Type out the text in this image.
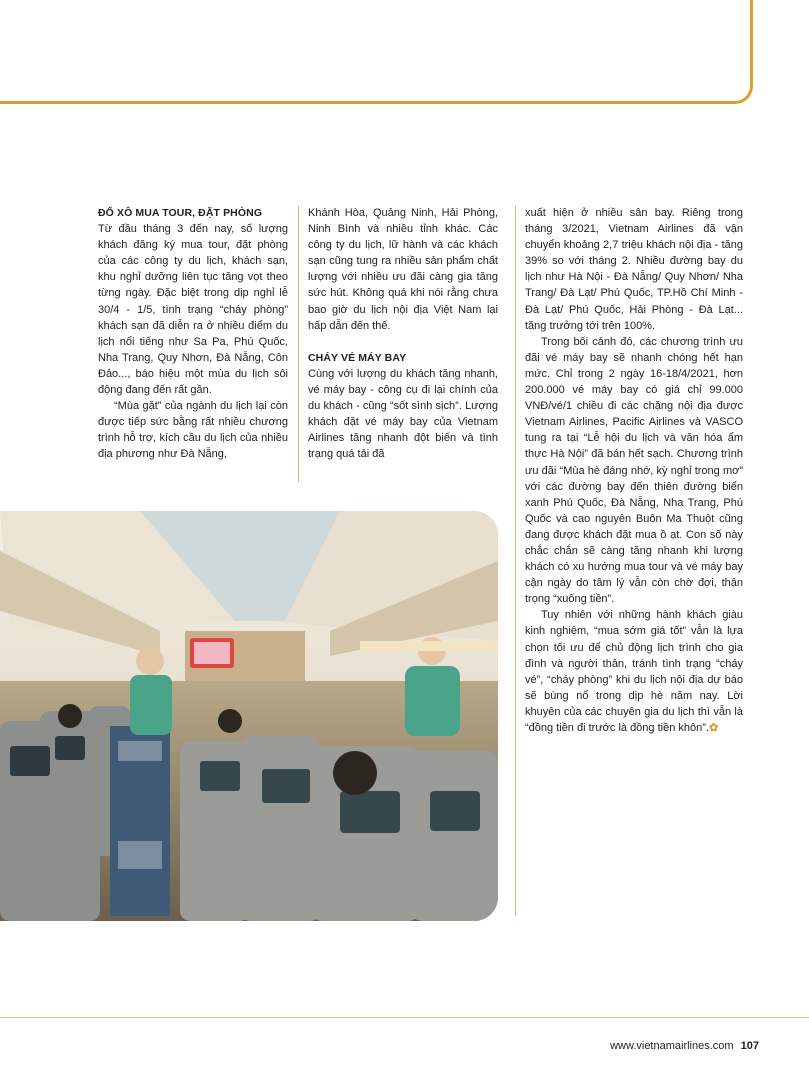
ĐỔ XÔ MUA TOUR, ĐẶT PHÒNG

Từ đầu tháng 3 đến nay, số lượng khách đăng ký mua tour, đặt phòng của các công ty du lịch, khách sạn, khu nghỉ dưỡng liên tục tăng vọt theo từng ngày. Đặc biệt trong dịp nghỉ lễ 30/4 - 1/5, tình trạng “cháy phòng” khách sạn đã diễn ra ở nhiều điểm du lịch nổi tiếng như Sa Pa, Phú Quốc, Nha Trang, Quy Nhơn, Đà Nẵng, Côn Đảo..., báo hiệu một mùa du lịch sôi động đang đến rất gần.

“Mùa gặt” của ngành du lịch lại còn được tiếp sức bằng rất nhiều chương trình hỗ trợ, kích cầu du lịch của nhiều địa phương như Đà Nẵng,

Khánh Hòa, Quảng Ninh, Hải Phòng, Ninh Bình và nhiều tỉnh khác. Các công ty du lịch, lữ hành và các khách sạn cũng tung ra nhiều sản phẩm chất lượng với nhiều ưu đãi càng gia tăng sức hút. Không quá khi nói rằng chưa bao giờ du lịch nội địa Việt Nam lại hấp dẫn đến thế.

CHÁY VÉ MÁY BAY

Cùng với lượng du khách tăng nhanh, vé máy bay - công cụ đi lại chính của du khách - cũng “sốt sình sịch”. Lượng khách đặt vé máy bay của Vietnam Airlines tăng nhanh đột biến và tình trạng quá tải đã

xuất hiện ở nhiều sân bay. Riêng trong tháng 3/2021, Vietnam Airlines đã vận chuyển khoảng 2,7 triệu khách nội địa - tăng 39% so với tháng 2. Nhiều đường bay du lịch như Hà Nội - Đà Nẵng/ Quy Nhơn/ Nha Trang/ Đà Lạt/ Phú Quốc, TP.Hồ Chí Minh - Đà Lạt/ Phú Quốc, Hải Phòng - Đà Lạt... tăng trưởng tới trên 100%.

Trong bối cảnh đó, các chương trình ưu đãi vé máy bay sẽ nhanh chóng hết hạn mức. Chỉ trong 2 ngày 16-18/4/2021, hơn 200.000 vé máy bay có giá chỉ 99.000 VNĐ/vé/1 chiều đi các chặng nội địa được Vietnam Airlines, Pacific Airlines và VASCO tung ra tại “Lễ hội du lịch và văn hóa ẩm thực Hà Nội” đã bán hết sạch. Chương trình ưu đãi “Mùa hè đáng nhớ, kỳ nghỉ trong mơ” với các đường bay đến thiên đường biển xanh Phú Quốc, Đà Nẵng, Nha Trang, Phú Quốc và cao nguyên Buôn Ma Thuột cũng đang được khách đặt mua ồ ạt. Con số này chắc chắn sẽ càng tăng nhanh khi lượng khách có xu hướng mua tour và vé máy bay cận ngày do tâm lý vẫn còn chờ đợi, thận trọng “xuống tiền”.

Tuy nhiên với những hành khách giàu kinh nghiệm, “mua sớm giá tốt” vẫn là lựa chọn tối ưu để chủ động lịch trình cho gia đình và người thân, tránh tình trạng “cháy vé”, “cháy phòng” khi du lịch nội địa dự báo sẽ bùng nổ trong dịp hè năm nay. Lời khuyên của các chuyên gia du lịch thì vẫn là “đồng tiền đi trước là đồng tiền khôn”.✿

www.vietnamairlines.com 107
